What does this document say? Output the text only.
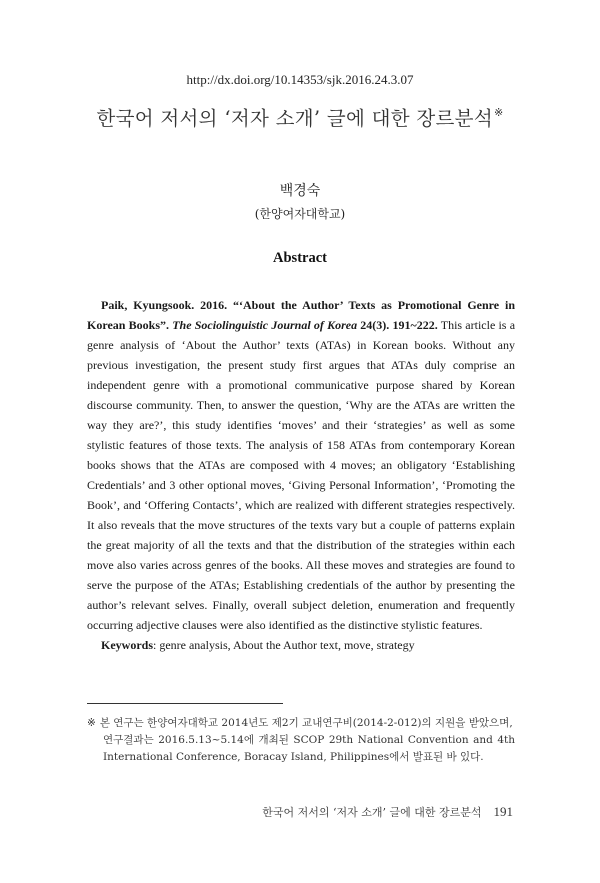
http://dx.doi.org/10.14353/sjk.2016.24.3.07
한국어 저서의 ‘저자 소개’ 글에 대한 장르분석※
백경숙
(한양여자대학교)
Abstract

Paik, Kyungsook. 2016. “‘About the Author’ Texts as Promotional Genre in Korean Books”. The Sociolinguistic Journal of Korea 24(3). 191~222. This article is a genre analysis of ‘About the Author’ texts (ATAs) in Korean books. Without any previous investigation, the present study first argues that ATAs duly comprise an independent genre with a promotional communicative purpose shared by Korean discourse community. Then, to answer the question, ‘Why are the ATAs are written the way they are?’, this study identifies ‘moves’ and their ‘strategies’ as well as some stylistic features of those texts. The analysis of 158 ATAs from contemporary Korean books shows that the ATAs are composed with 4 moves; an obligatory ‘Establishing Credentials’ and 3 other optional moves, ‘Giving Personal Information’, ‘Promoting the Book’, and ‘Offering Contacts’, which are realized with different strategies respectively. It also reveals that the move structures of the texts vary but a couple of patterns explain the great majority of all the texts and that the distribution of the strategies within each move also varies across genres of the books. All these moves and strategies are found to serve the purpose of the ATAs; Establishing credentials of the author by presenting the author’s relevant selves. Finally, overall subject deletion, enumeration and frequently occurring adjective clauses were also identified as the distinctive stylistic features.

Keywords: genre analysis, About the Author text, move, strategy

※ 본 연구는 한양여자대학교 2014년도 제2기 교내연구비(2014-2-012)의 지원을 받았으며,
연구결과는 2016.5.13~5.14에 개최된 SCOP 29th National Convention and 4th International Conference, Boracay Island, Philippines에서 발표된 바 있다.
한국어 저서의 ‘저자 소개’ 글에 대한 장르분석 191
